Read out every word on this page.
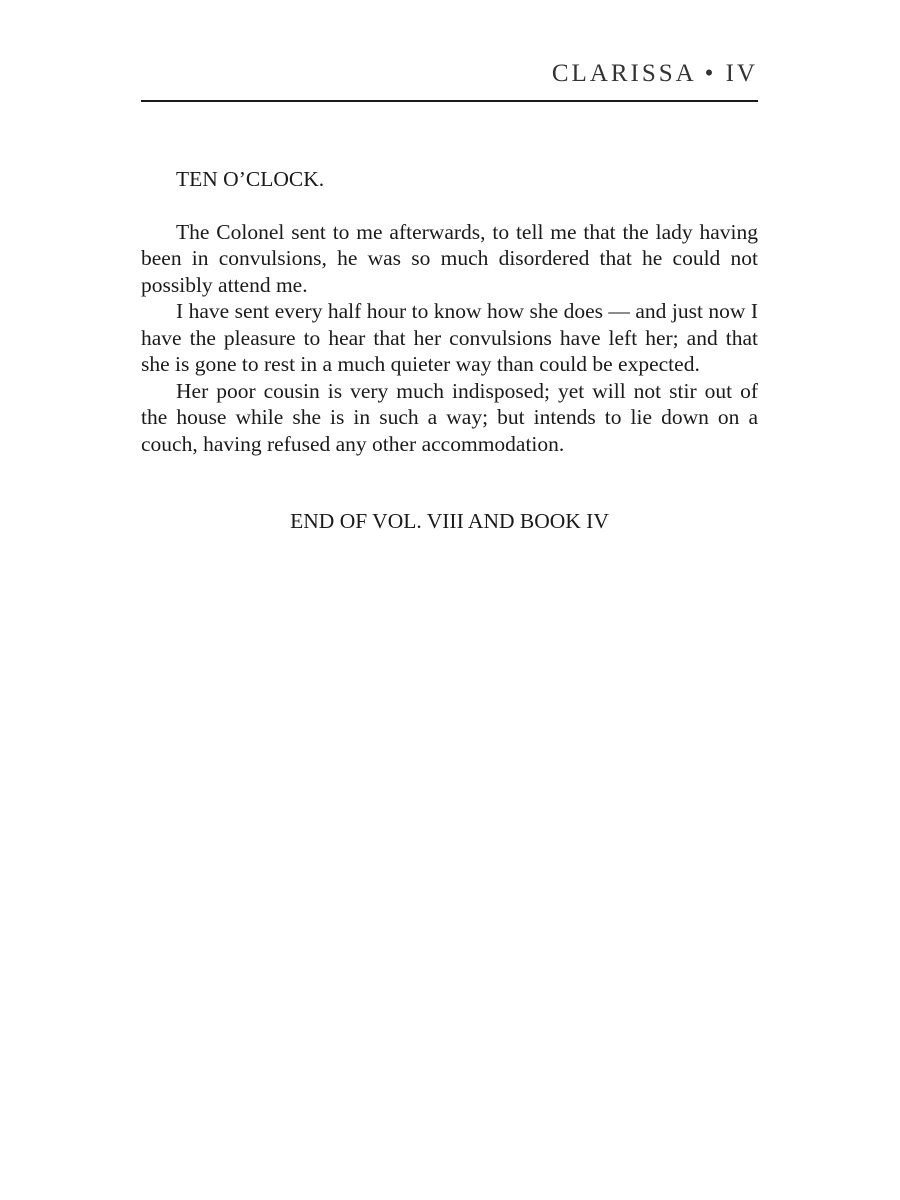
CLARISSA • IV

TEN O’CLOCK.

The Colonel sent to me afterwards, to tell me that the lady having been in convulsions, he was so much disordered that he could not possibly attend me.

I have sent every half hour to know how she does — and just now I have the pleasure to hear that her convulsions have left her; and that she is gone to rest in a much quieter way than could be expected.

Her poor cousin is very much indisposed; yet will not stir out of the house while she is in such a way; but intends to lie down on a couch, having refused any other accommodation.

END OF VOL. VIII AND BOOK IV
